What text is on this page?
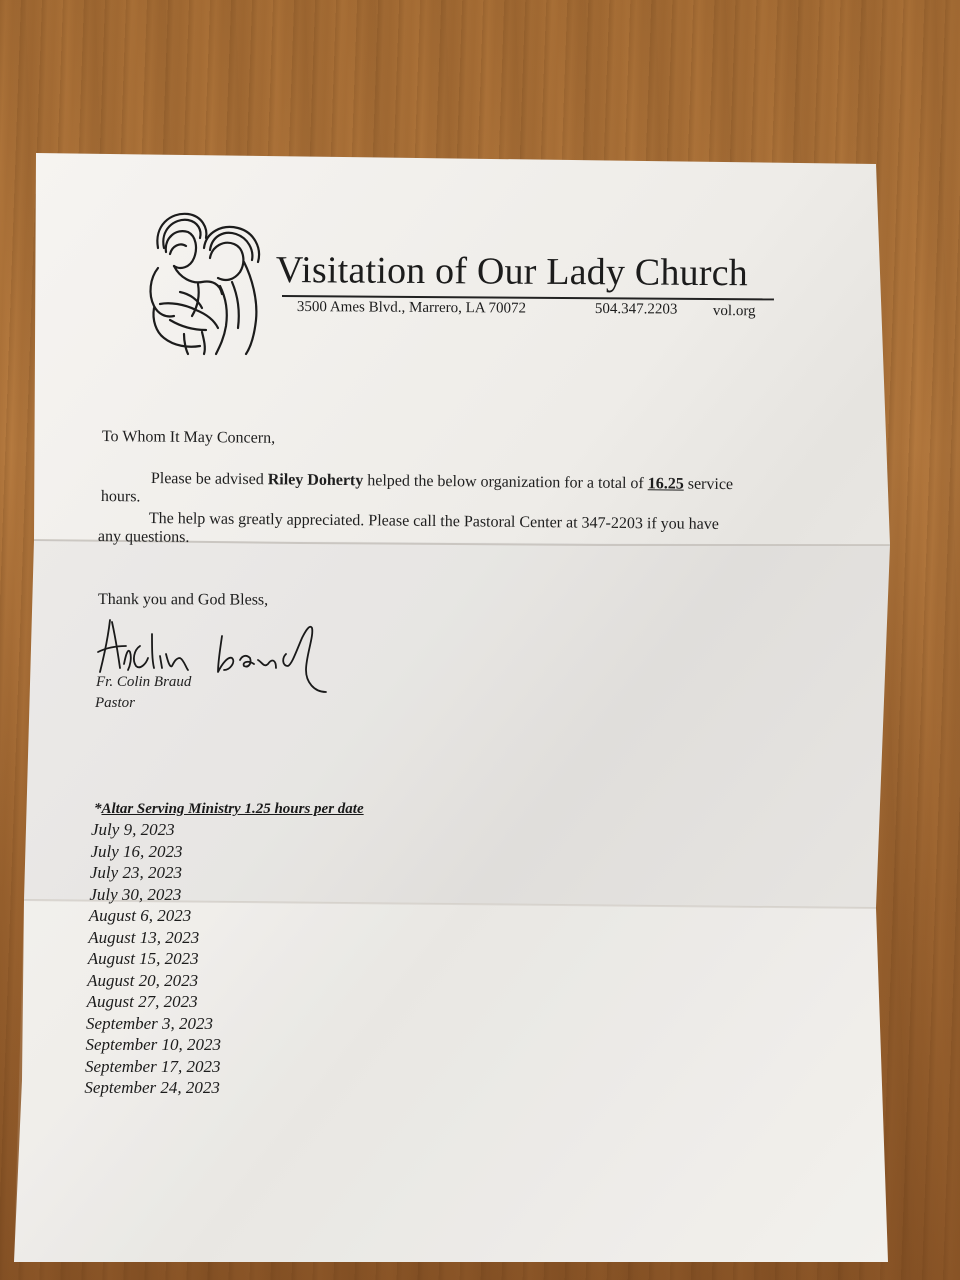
Visitation of Our Lady Church
3500 Ames Blvd., Marrero, LA 70072	504.347.2203 vol.org
To Whom It May Concern,
Please be advised Riley Doherty helped the below organization for a total of 16.25 service
hours.
The help was greatly appreciated. Please call the Pastoral Center at 347-2203 if you have
any questions.
Thank you and God Bless,
Fr. Colin Braud
Pastor
*Altar Serving Ministry 1.25 hours per date
July 9, 2023
July 16, 2023
July 23, 2023
July 30, 2023
August 6, 2023
August 13, 2023
August 15, 2023
August 20, 2023
August 27, 2023
September 3, 2023
September 10, 2023
September 17, 2023
September 24, 2023
